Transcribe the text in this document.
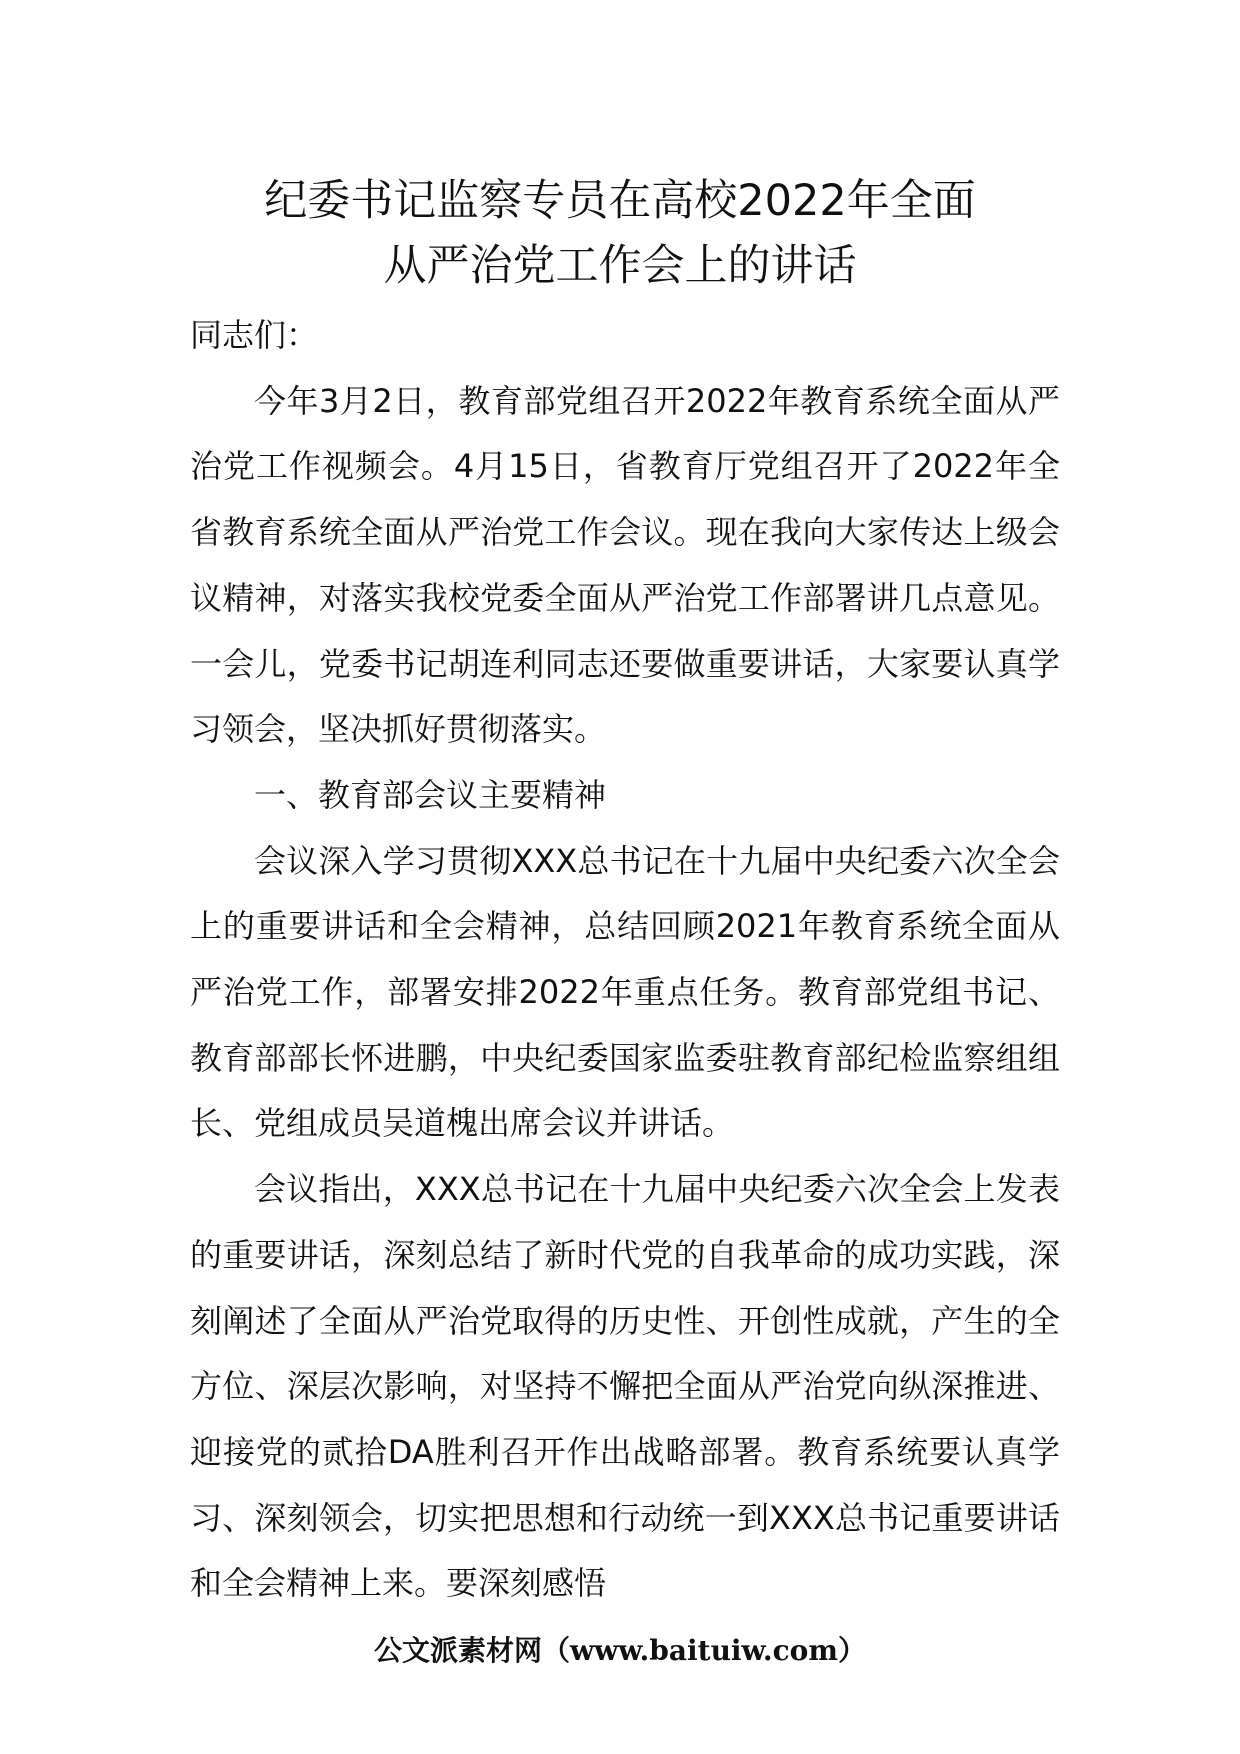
纪委书记监察专员在高校2022年全面
从严治党工作会上的讲话

同志们：

今年3月2日，教育部党组召开2022年教育系统全面从严治党工作视频会。4月15日，省教育厅党组召开了2022年全省教育系统全面从严治党工作会议。现在我向大家传达上级会议精神，对落实我校党委全面从严治党工作部署讲几点意见。一会儿，党委书记胡连利同志还要做重要讲话，大家要认真学习领会，坚决抓好贯彻落实。

一、教育部会议主要精神

会议深入学习贯彻XXX总书记在十九届中央纪委六次全会上的重要讲话和全会精神，总结回顾2021年教育系统全面从严治党工作，部署安排2022年重点任务。教育部党组书记、教育部部长怀进鹏，中央纪委国家监委驻教育部纪检监察组组长、党组成员吴道槐出席会议并讲话。

会议指出，XXX总书记在十九届中央纪委六次全会上发表的重要讲话，深刻总结了新时代党的自我革命的成功实践，深刻阐述了全面从严治党取得的历史性、开创性成就，产生的全方位、深层次影响，对坚持不懈把全面从严治党向纵深推进、迎接党的贰拾DA胜利召开作出战略部署。教育系统要认真学习、深刻领会，切实把思想和行动统一到XXX总书记重要讲话和全会精神上来。要深刻感悟

公文派素材网（www.baituiw.com）
